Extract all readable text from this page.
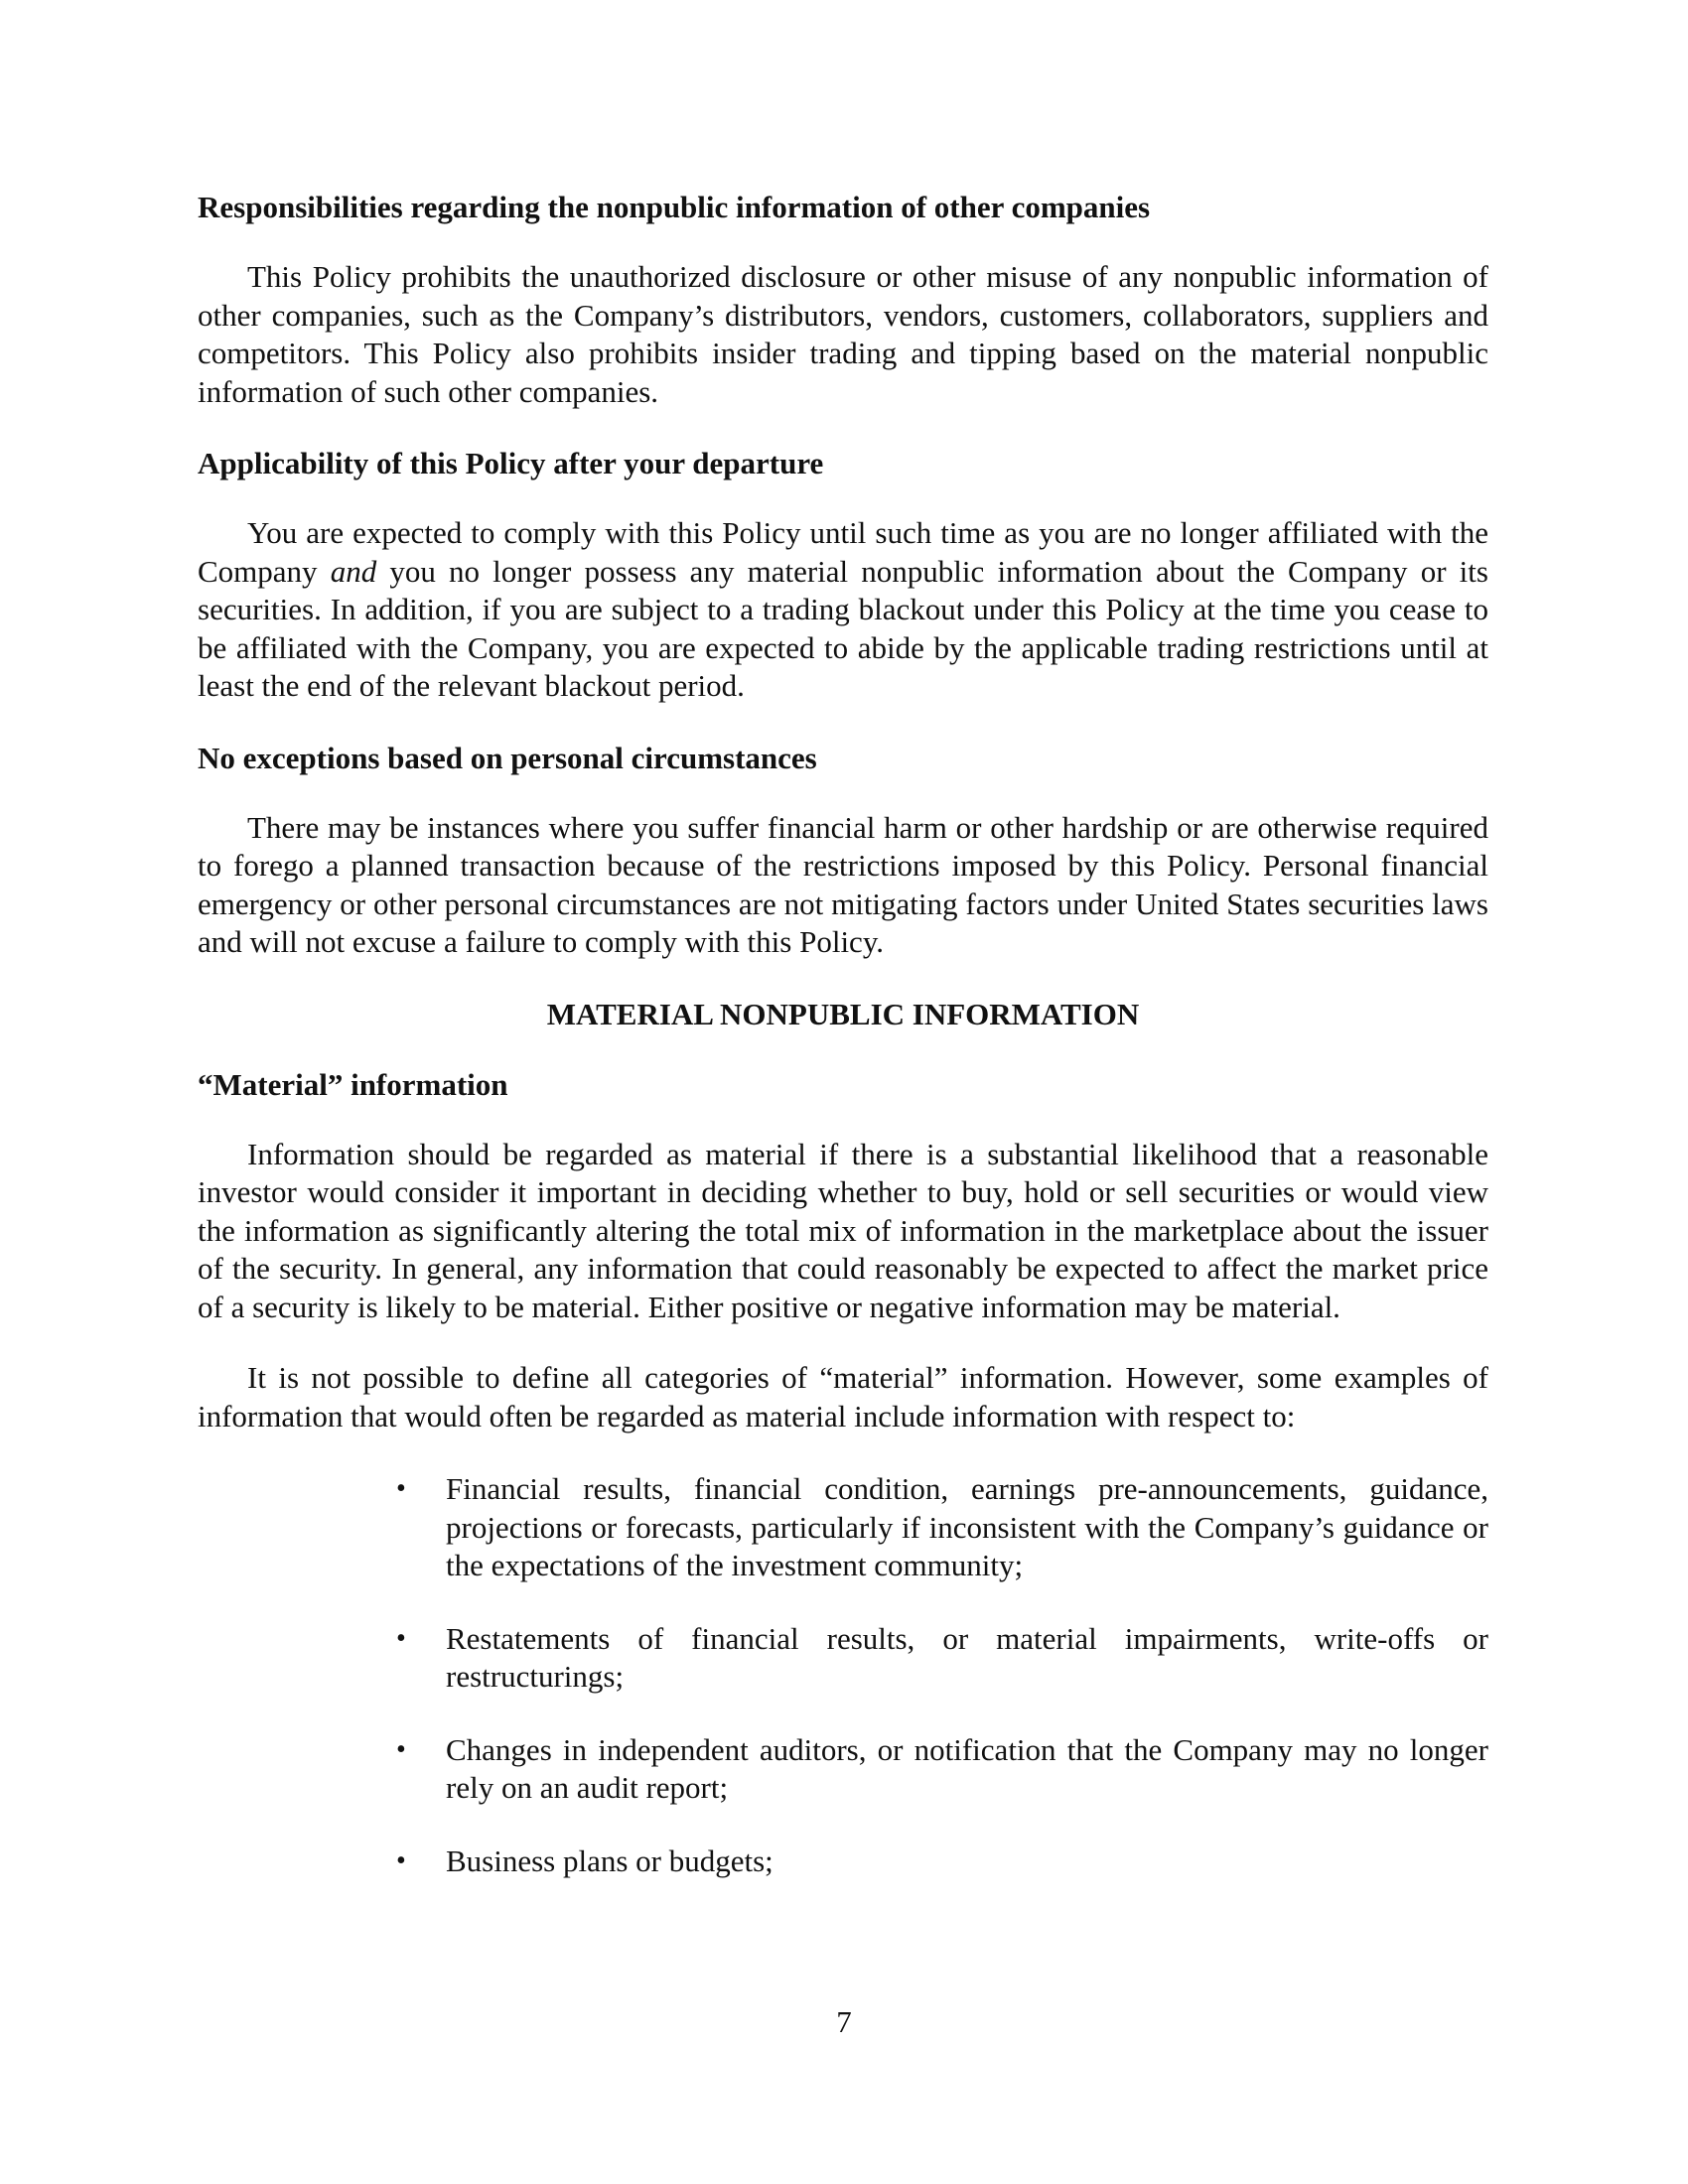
Responsibilities regarding the nonpublic information of other companies

This Policy prohibits the unauthorized disclosure or other misuse of any nonpublic information of other companies, such as the Company’s distributors, vendors, customers, collaborators, suppliers and competitors. This Policy also prohibits insider trading and tipping based on the material nonpublic information of such other companies.

Applicability of this Policy after your departure

You are expected to comply with this Policy until such time as you are no longer affiliated with the Company and you no longer possess any material nonpublic information about the Company or its securities. In addition, if you are subject to a trading blackout under this Policy at the time you cease to be affiliated with the Company, you are expected to abide by the applicable trading restrictions until at least the end of the relevant blackout period.

No exceptions based on personal circumstances

There may be instances where you suffer financial harm or other hardship or are otherwise required to forego a planned transaction because of the restrictions imposed by this Policy. Personal financial emergency or other personal circumstances are not mitigating factors under United States securities laws and will not excuse a failure to comply with this Policy.

MATERIAL NONPUBLIC INFORMATION
“Material” information

Information should be regarded as material if there is a substantial likelihood that a reasonable investor would consider it important in deciding whether to buy, hold or sell securities or would view the information as significantly altering the total mix of information in the marketplace about the issuer of the security. In general, any information that could reasonably be expected to affect the market price of a security is likely to be material. Either positive or negative information may be material.

It is not possible to define all categories of “material” information. However, some examples of information that would often be regarded as material include information with respect to:

• Financial results, financial condition, earnings pre-announcements, guidance, projections or forecasts, particularly if inconsistent with the Company’s guidance or the expectations of the investment community;
• Restatements of financial results, or material impairments, write-offs or restructurings;
• Changes in independent auditors, or notification that the Company may no longer rely on an audit report;
• Business plans or budgets;
7
